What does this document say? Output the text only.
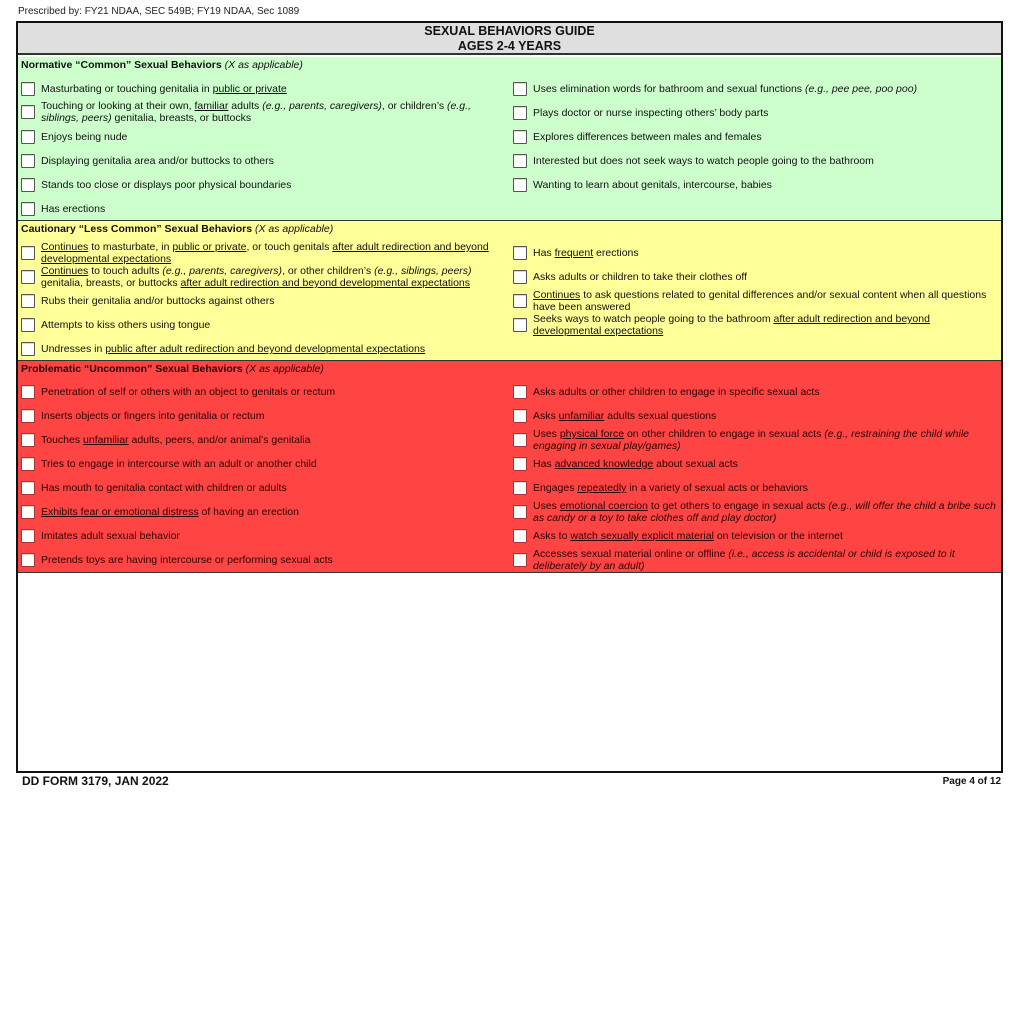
Prescribed by: FY21 NDAA, SEC 549B; FY19 NDAA, Sec 1089
SEXUAL BEHAVIORS GUIDE
AGES 2-4 YEARS
Normative “Common” Sexual Behaviors (X as applicable)
Masturbating or touching genitalia in public or private
Touching or looking at their own, familiar adults (e.g., parents, caregivers), or children’s (e.g., siblings, peers) genitalia, breasts, or buttocks
Enjoys being nude
Displaying genitalia area and/or buttocks to others
Stands too close or displays poor physical boundaries
Has erections
Uses elimination words for bathroom and sexual functions (e.g., pee pee, poo poo)
Plays doctor or nurse inspecting others’ body parts
Explores differences between males and females
Interested but does not seek ways to watch people going to the bathroom
Wanting to learn about genitals, intercourse, babies
Cautionary “Less Common” Sexual Behaviors (X as applicable)
Continues to masturbate, in public or private, or touch genitals after adult redirection and beyond developmental expectations
Continues to touch adults (e.g., parents, caregivers), or other children’s (e.g., siblings, peers) genitalia, breasts, or buttocks after adult redirection and beyond developmental expectations
Rubs their genitalia and/or buttocks against others
Attempts to kiss others using tongue
Undresses in public after adult redirection and beyond developmental expectations
Has frequent erections
Asks adults or children to take their clothes off
Continues to ask questions related to genital differences and/or sexual content when all questions have been answered
Seeks ways to watch people going to the bathroom after adult redirection and beyond developmental expectations
Problematic “Uncommon” Sexual Behaviors (X as applicable)
Penetration of self or others with an object to genitals or rectum
Inserts objects or fingers into genitalia or rectum
Touches unfamiliar adults, peers, and/or animal’s genitalia
Tries to engage in intercourse with an adult or another child
Has mouth to genitalia contact with children or adults
Exhibits fear or emotional distress of having an erection
Imitates adult sexual behavior
Pretends toys are having intercourse or performing sexual acts
Asks adults or other children to engage in specific sexual acts
Asks unfamiliar adults sexual questions
Uses physical force on other children to engage in sexual acts (e.g., restraining the child while engaging in sexual play/games)
Has advanced knowledge about sexual acts
Engages repeatedly in a variety of sexual acts or behaviors
Uses emotional coercion to get others to engage in sexual acts (e.g., will offer the child a bribe such as candy or a toy to take clothes off and play doctor)
Asks to watch sexually explicit material on television or the internet
Accesses sexual material online or offline (i.e., access is accidental or child is exposed to it deliberately by an adult)
DD FORM 3179, JAN 2022	Page 4 of 12
